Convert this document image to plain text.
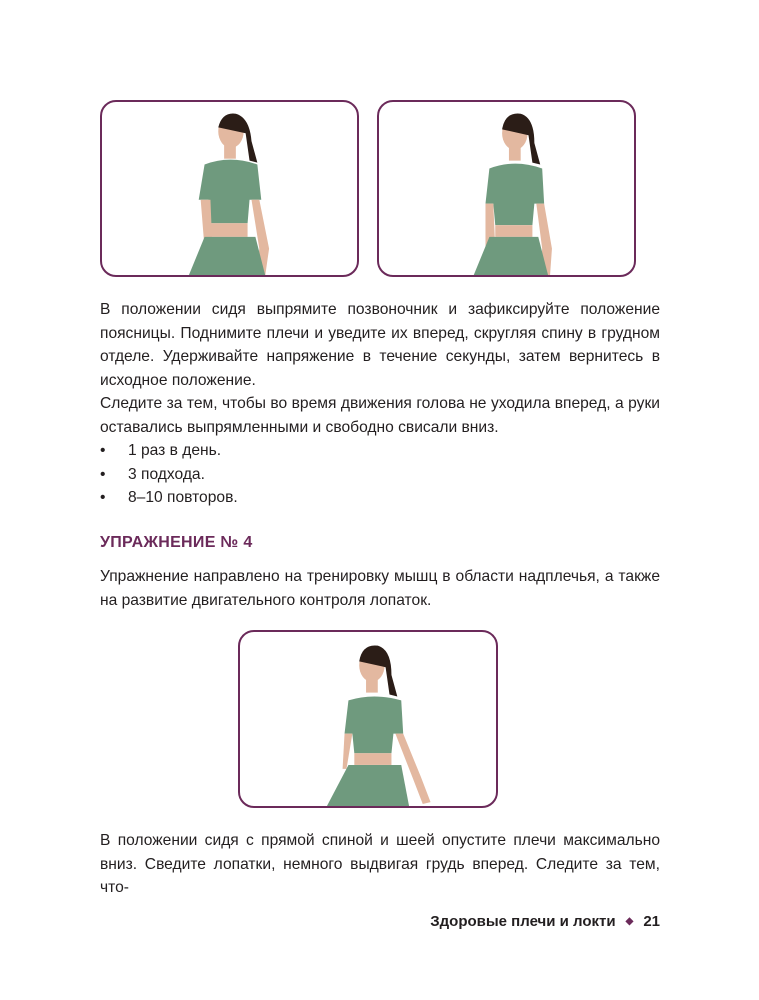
В положении сидя выпрямите позвоночник и зафиксируйте положение поясницы. Поднимите плечи и уведите их вперед, скругляя спину в грудном отделе. Удерживайте напряжение в течение секунды, затем вернитесь в исходное положение.

Следите за тем, чтобы во время движения голова не уходила вперед, а руки оставались выпрямленными и свободно свисали вниз.

• 1 раз в день.
• 3 подхода.
• 8–10 повторов.
УПРАЖНЕНИЕ № 4

Упражнение направлено на тренировку мышц в области надплечья, а также на развитие двигательного контроля лопаток.

В положении сидя с прямой спиной и шеей опустите плечи максимально вниз. Сведите лопатки, немного выдвигая грудь вперед. Следите за тем, что-

Здоровые плечи и локти ◆ 21
